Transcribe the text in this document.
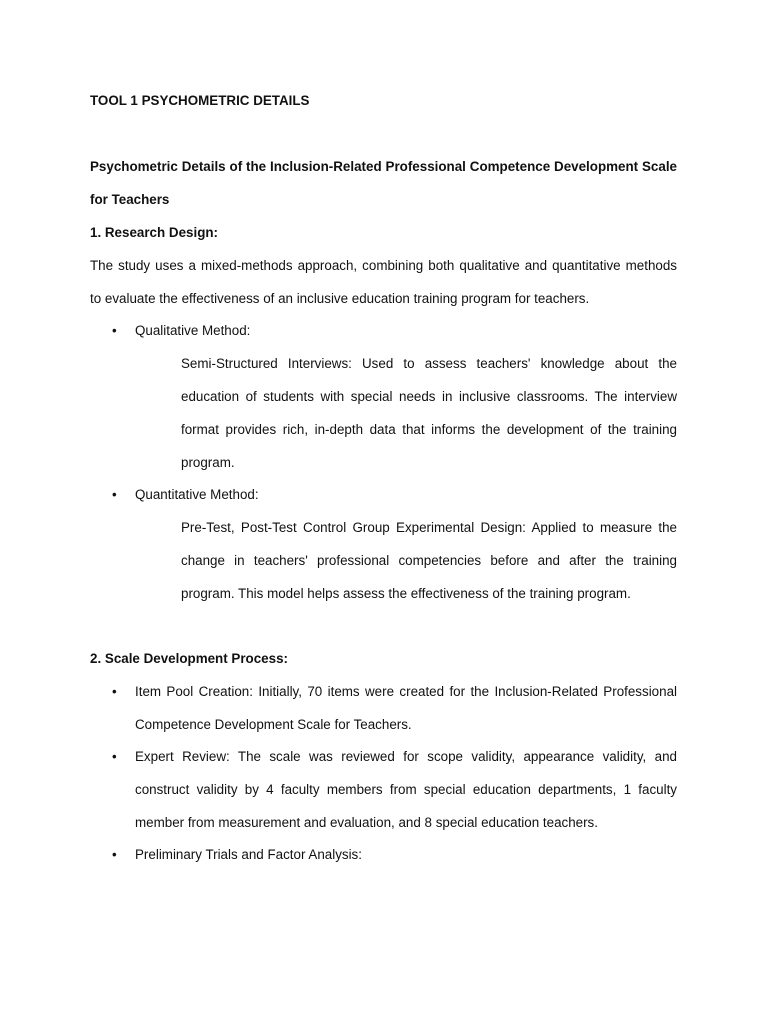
TOOL 1 PSYCHOMETRIC DETAILS
Psychometric Details of the Inclusion-Related Professional Competence Development Scale for Teachers
1. Research Design:
The study uses a mixed-methods approach, combining both qualitative and quantitative methods to evaluate the effectiveness of an inclusive education training program for teachers.
•	Qualitative Method:
Semi-Structured Interviews: Used to assess teachers' knowledge about the education of students with special needs in inclusive classrooms. The interview format provides rich, in-depth data that informs the development of the training program.
•	Quantitative Method:
Pre-Test, Post-Test Control Group Experimental Design: Applied to measure the change in teachers' professional competencies before and after the training program. This model helps assess the effectiveness of the training program.
2. Scale Development Process:
•	Item Pool Creation: Initially, 70 items were created for the Inclusion-Related Professional Competence Development Scale for Teachers.
•	Expert Review: The scale was reviewed for scope validity, appearance validity, and construct validity by 4 faculty members from special education departments, 1 faculty member from measurement and evaluation, and 8 special education teachers.
•	Preliminary Trials and Factor Analysis:
